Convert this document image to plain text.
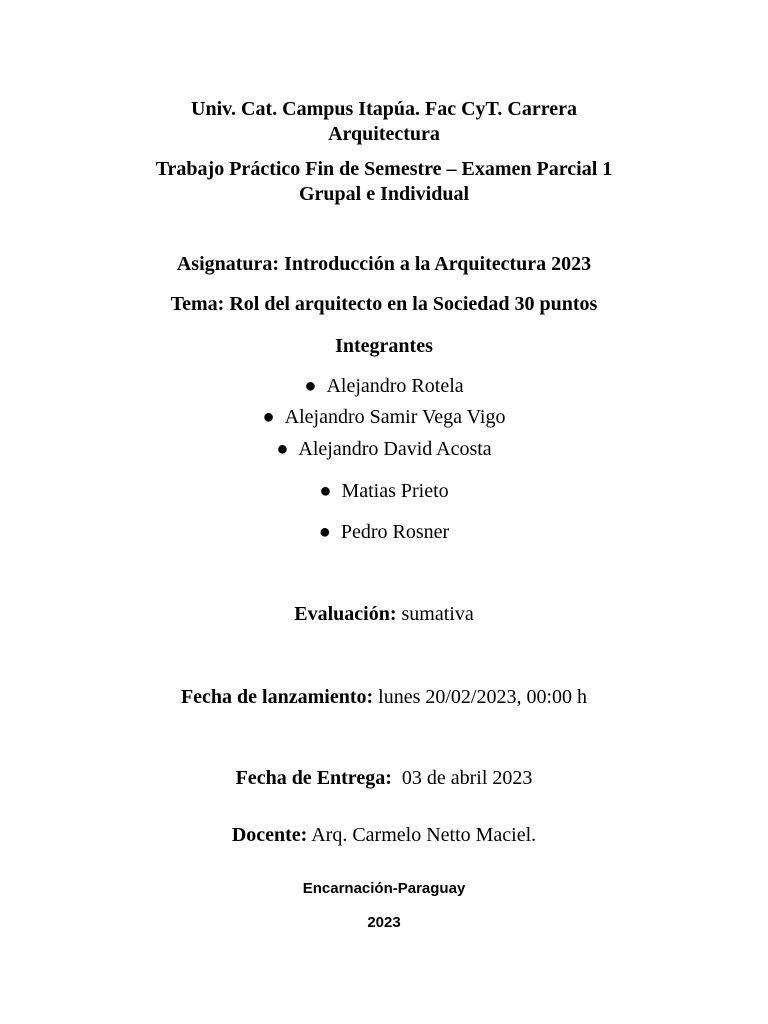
Univ. Cat. Campus Itapúa. Fac CyT. Carrera
Arquitectura
Trabajo Práctico Fin de Semestre – Examen Parcial 1
Grupal e Individual
Asignatura: Introducción a la Arquitectura 2023
Tema: Rol del arquitecto en la Sociedad 30 puntos
Integrantes
● Alejandro Rotela
● Alejandro Samir Vega Vigo
● Alejandro David Acosta
● Matias Prieto
● Pedro Rosner
Evaluación: sumativa
Fecha de lanzamiento: lunes 20/02/2023, 00:00 h
Fecha de Entrega:  03 de abril 2023
Docente: Arq. Carmelo Netto Maciel.
Encarnación-Paraguay
2023
